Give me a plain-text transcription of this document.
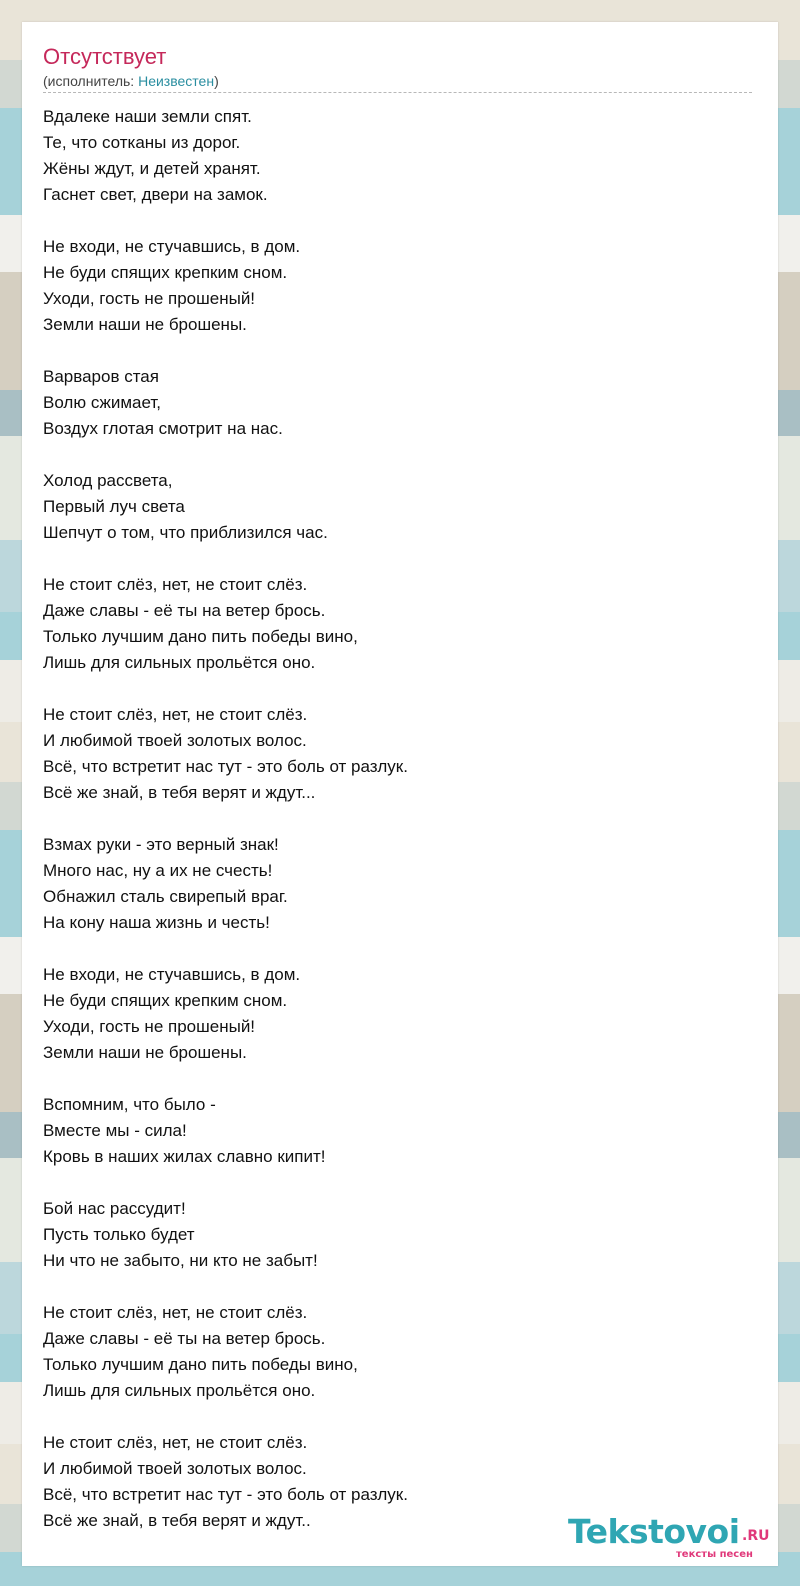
Отсутствует
(исполнитель: Неизвестен)
Вдалеке наши земли спят.
Те, что сотканы из дорог.
Жёны ждут, и детей хранят.
Гаснет свет, двери на замок.
Не входи, не стучавшись, в дом.
Не буди спящих крепким сном.
Уходи, гость не прошеный!
Земли наши не брошены.
Варваров стая
Волю сжимает,
Воздух глотая смотрит на нас.
Холод рассвета,
Первый луч света
Шепчут о том, что приблизился час.
Не стоит слёз, нет, не стоит слёз.
Даже славы - её ты на ветер брось.
Только лучшим дано пить победы вино,
Лишь для сильных прольётся оно.
Не стоит слёз, нет, не стоит слёз.
И любимой твоей золотых волос.
Всё, что встретит нас тут - это боль от разлук.
Всё же знай, в тебя верят и ждут...
Взмах руки - это верный знак!
Много нас, ну а их не счесть!
Обнажил сталь свирепый враг.
На кону наша жизнь и честь!
Не входи, не стучавшись, в дом.
Не буди спящих крепким сном.
Уходи, гость не прошеный!
Земли наши не брошены.
Вспомним, что было -
Вместе мы - сила!
Кровь в наших жилах славно кипит!
Бой нас рассудит!
Пусть только будет
Ни что не забыто, ни кто не забыт!
Не стоит слёз, нет, не стоит слёз.
Даже славы - её ты на ветер брось.
Только лучшим дано пить победы вино,
Лишь для сильных прольётся оно.
Не стоит слёз, нет, не стоит слёз.
И любимой твоей золотых волос.
Всё, что встретит нас тут - это боль от разлук.
Всё же знай, в тебя верят и ждут..	Tekstovoi .RU
тексты песен
